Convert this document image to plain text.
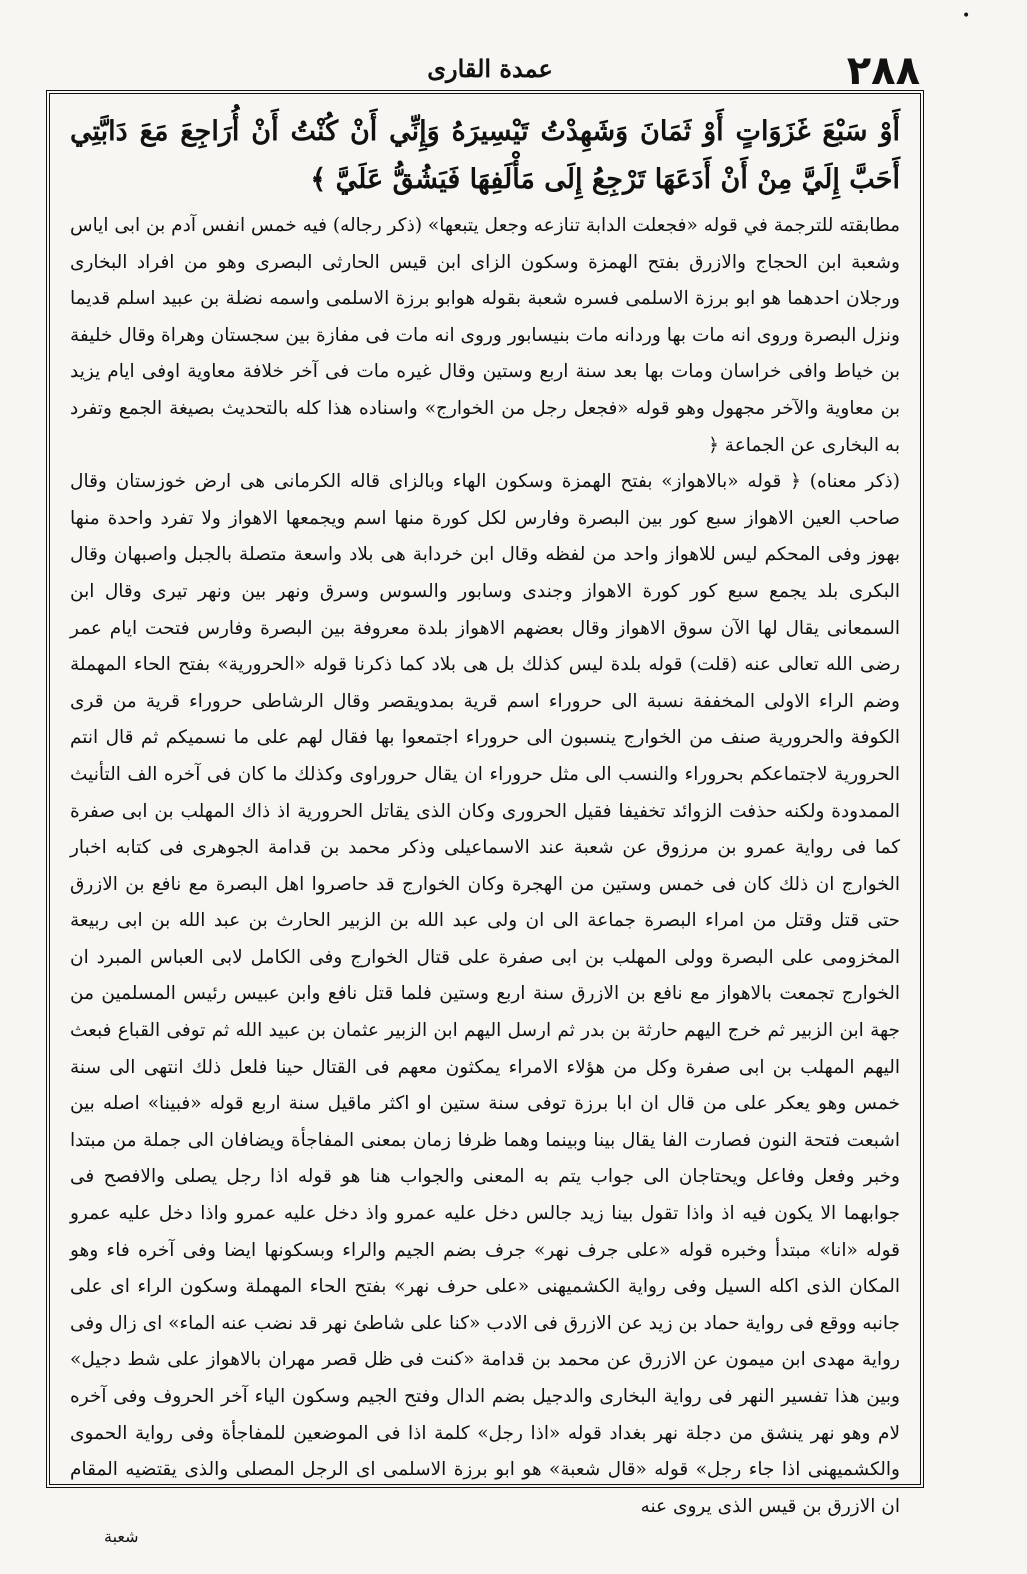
•
عمدة القاری	٢٨٨

أَوْ سَبْعَ غَزَوَاتٍ أَوْ ثَمَانَ وَشَهِدْتُ تَيْسِيرَهُ وَإِنِّي أَنْ كُنْتُ أَنْ أُرَاجِعَ مَعَ دَابَّتِي أَحَبَّ إِلَيَّ مِنْ أَنْ أَدَعَهَا تَرْجِعُ إِلَى مَأْلَفِهَا فَيَشُقُّ عَلَيَّ ﴾

مطابقته للترجمة في قوله «فجعلت الدابة تنازعه وجعل يتبعها» (ذكر رجاله) فيه خمس انفس آدم بن ابی ایاس وشعبة ابن الحجاج والازرق بفتح الهمزة وسكون الزای ابن قيس الحارثی البصری وهو من افراد البخاری ورجلان احدهما هو ابو برزة الاسلمی فسره شعبة بقوله هوابو برزة الاسلمی واسمه نضلة بن عبيد اسلم قديما ونزل البصرة وروى انه مات بها وردانه مات بنيسابور وروی انه مات فی مفازة بين سجستان وهراة وقال خليفة بن خياط وافی خراسان ومات بها بعد سنة اربع وستين وقال غيره مات فی آخر خلافة معاوية اوفی ايام يزيد بن معاوية والآخر مجهول وهو قوله «فجعل رجل من الخوارج» واسناده هذا كله بالتحديث بصيغة الجمع وتفرد به البخاری عن الجماعة ﴿

(ذكر معناه) ﴿ قوله «بالاهواز» بفتح الهمزة وسكون الهاء وبالزای قاله الكرمانی هی ارض خوزستان وقال صاحب العين الاهواز سبع كور بين البصرة وفارس لكل كورة منها اسم ويجمعها الاهواز ولا تفرد واحدة منها بهوز وفی المحكم ليس للاهواز واحد من لفظه وقال ابن خردابة هی بلاد واسعة متصلة بالجبل واصبهان وقال البكری بلد يجمع سبع كور كورة الاهواز وجندی وسابور والسوس وسرق ونهر بين ونهر تيری وقال ابن السمعانی يقال لها الآن سوق الاهواز وقال بعضهم الاهواز بلدة معروفة بين البصرة وفارس فتحت ايام عمر رضی الله تعالى عنه (قلت) قوله بلدة ليس كذلك بل هی بلاد كما ذكرنا قوله «الحرورية» بفتح الحاء المهملة وضم الراء الاولى المخففة نسبة الى حروراء اسم قرية بمدويقصر وقال الرشاطی حروراء قرية من قرى الكوفة والحرورية صنف من الخوارج ينسبون الى حروراء اجتمعوا بها فقال لهم علی ما نسميكم ثم قال انتم الحرورية لاجتماعكم بحروراء والنسب الى مثل حروراء ان يقال حروراوی وكذلك ما كان فی آخره الف التأنيث الممدودة ولكنه حذفت الزوائد تخفيفا فقيل الحروری وكان الذی يقاتل الحرورية اذ ذاك المهلب بن ابی صفرة كما فی رواية عمرو بن مرزوق عن شعبة عند الاسماعيلی وذكر محمد بن قدامة الجوهری فی كتابه اخبار الخوارج ان ذلك كان فی خمس وستين من الهجرة وكان الخوارج قد حاصروا اهل البصرة مع نافع بن الازرق حتى قتل وقتل من امراء البصرة جماعة الى ان ولی عبد الله بن الزبير الحارث بن عبد الله بن ابی ربيعة المخزومی على البصرة وولی المهلب بن ابی صفرة على قتال الخوارج وفی الكامل لابی العباس المبرد ان الخوارج تجمعت بالاهواز مع نافع بن الازرق سنة اربع وستين فلما قتل نافع وابن عبيس رئيس المسلمين من جهة ابن الزبير ثم خرج اليهم حارثة بن بدر ثم ارسل اليهم ابن الزبير عثمان بن عبيد الله ثم توفی القباع فبعث اليهم المهلب بن ابی صفرة وكل من هؤلاء الامراء يمكثون معهم فی القتال حينا فلعل ذلك انتهى الى سنة خمس وهو يعكر على من قال ان ابا برزة توفی سنة ستين او اكثر ماقيل سنة اربع قوله «فبينا» اصله بين اشبعت فتحة النون فصارت الفا يقال بينا وبينما وهما ظرفا زمان بمعنى المفاجأة ويضافان الى جملة من مبتدا وخبر وفعل وفاعل ويحتاجان الى جواب يتم به المعنى والجواب هنا هو قوله اذا رجل يصلی والافصح فی جوابهما الا يكون فيه اذ واذا تقول بينا زيد جالس دخل عليه عمرو واذ دخل عليه عمرو واذا دخل عليه عمرو قوله «انا» مبتدأ وخبره قوله «على جرف نهر» جرف بضم الجيم والراء وبسكونها ايضا وفی آخره فاء وهو المكان الذی اكله السيل وفی رواية الكشميهنی «على حرف نهر» بفتح الحاء المهملة وسكون الراء ای على جانبه ووقع فی رواية حماد بن زيد عن الازرق فی الادب «كنا على شاطئ نهر قد نضب عنه الماء» ای زال وفی رواية مهدی ابن ميمون عن الازرق عن محمد بن قدامة «كنت فی ظل قصر مهران بالاهواز على شط دجيل» وبين هذا تفسير النهر فی رواية البخاری والدجيل بضم الدال وفتح الجيم وسكون الياء آخر الحروف وفی آخره لام وهو نهر ينشق من دجلة نهر بغداد قوله «اذا رجل» كلمة اذا فی الموضعين للمفاجأة وفی رواية الحموی والكشميهنی اذا جاء رجل» قوله «قال شعبة» هو ابو برزة الاسلمی ای الرجل المصلی والذی يقتضيه المقام ان الازرق بن قيس الذی يروی عنه

شعبة
